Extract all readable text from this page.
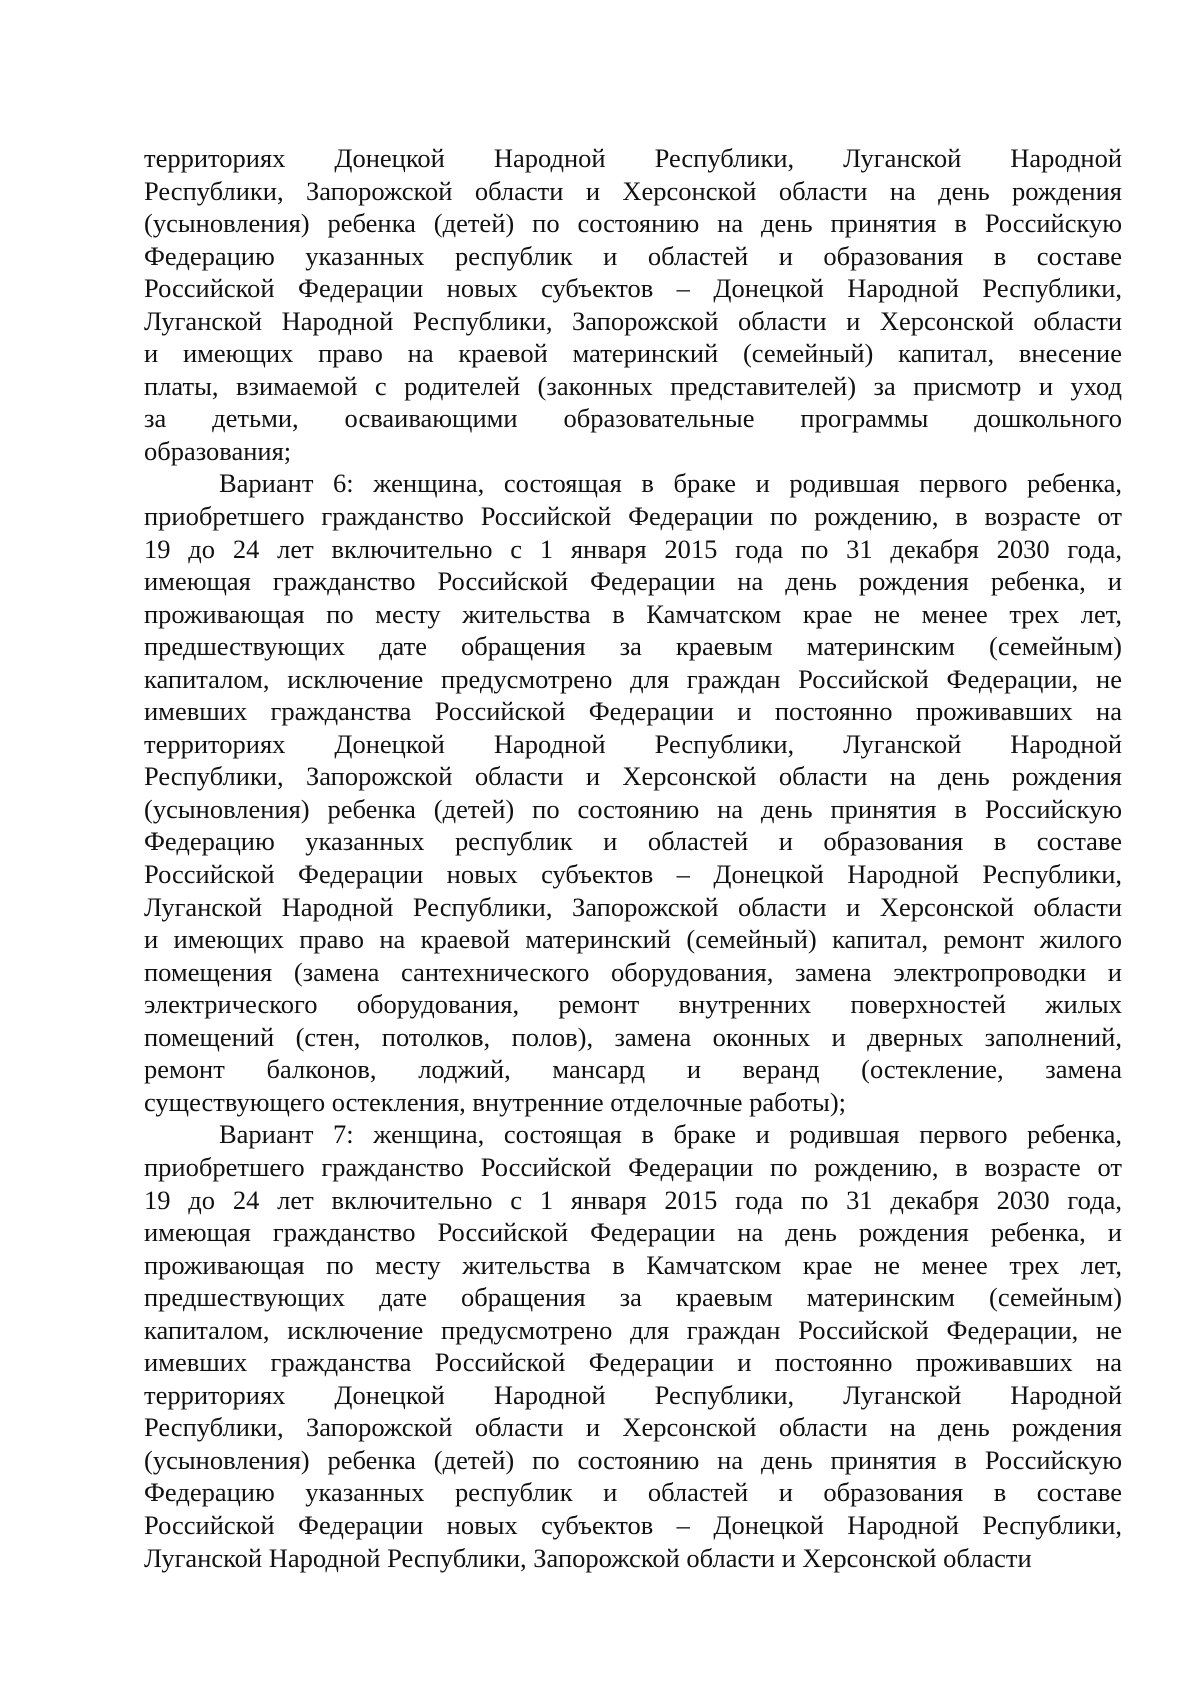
территориях Донецкой Народной Республики, Луганской Народной
Республики, Запорожской области и Херсонской области на день рождения
(усыновления) ребенка (детей) по состоянию на день принятия в Российскую
Федерацию указанных республик и областей и образования в составе
Российской Федерации новых субъектов – Донецкой Народной Республики,
Луганской Народной Республики, Запорожской области и Херсонской области
и имеющих право на краевой материнский (семейный) капитал, внесение
платы, взимаемой с родителей (законных представителей) за присмотр и уход
за детьми, осваивающими образовательные программы дошкольного
образования;
Вариант 6: женщина, состоящая в браке и родившая первого ребенка,
приобретшего гражданство Российской Федерации по рождению, в возрасте от
19 до 24 лет включительно с 1 января 2015 года по 31 декабря 2030 года,
имеющая гражданство Российской Федерации на день рождения ребенка, и
проживающая по месту жительства в Камчатском крае не менее трех лет,
предшествующих дате обращения за краевым материнским (семейным)
капиталом, исключение предусмотрено для граждан Российской Федерации, не
имевших гражданства Российской Федерации и постоянно проживавших на
территориях Донецкой Народной Республики, Луганской Народной
Республики, Запорожской области и Херсонской области на день рождения
(усыновления) ребенка (детей) по состоянию на день принятия в Российскую
Федерацию указанных республик и областей и образования в составе
Российской Федерации новых субъектов – Донецкой Народной Республики,
Луганской Народной Республики, Запорожской области и Херсонской области
и имеющих право на краевой материнский (семейный) капитал, ремонт жилого
помещения (замена сантехнического оборудования, замена электропроводки и
электрического оборудования, ремонт внутренних поверхностей жилых
помещений (стен, потолков, полов), замена оконных и дверных заполнений,
ремонт балконов, лоджий, мансард и веранд (остекление, замена
существующего остекления, внутренние отделочные работы);
Вариант 7: женщина, состоящая в браке и родившая первого ребенка,
приобретшего гражданство Российской Федерации по рождению, в возрасте от
19 до 24 лет включительно с 1 января 2015 года по 31 декабря 2030 года,
имеющая гражданство Российской Федерации на день рождения ребенка, и
проживающая по месту жительства в Камчатском крае не менее трех лет,
предшествующих дате обращения за краевым материнским (семейным)
капиталом, исключение предусмотрено для граждан Российской Федерации, не
имевших гражданства Российской Федерации и постоянно проживавших на
территориях Донецкой Народной Республики, Луганской Народной
Республики, Запорожской области и Херсонской области на день рождения
(усыновления) ребенка (детей) по состоянию на день принятия в Российскую
Федерацию указанных республик и областей и образования в составе
Российской Федерации новых субъектов – Донецкой Народной Республики,
Луганской Народной Республики, Запорожской области и Херсонской области
